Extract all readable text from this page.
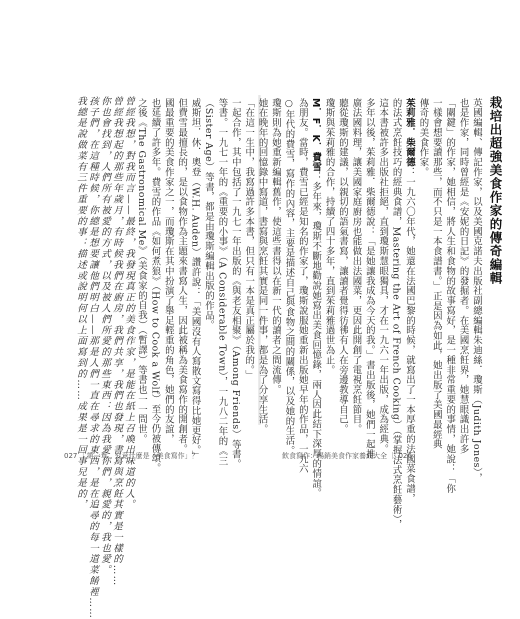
我總是說做菜有三件重要的事：描述或說明何以上面寫到的……成果是一回事兒是的， 孩子們，在這種時候，你總是想要讓他們明白——那是人們一直在尋求的東西，是在追尋的每一道菜餚裡…… 你也會找到，人們所有被愛的方式，以及被人們所愛的那些東西：因為我愛你們，親愛的，我也愛。 曾經我想起的那些年歲月，有時候我們在廚房，我們共享，我們也發現，書寫與烹飪其實是一樣的…… 曾經我想，對我而言——最終，我發現真正的美食作家，是能在紙上召喚出味道的人。
027 ｜第一章　究竟什麼是「美食寫作」？	飲食寫作：暢銷美食作家養成大全 ｜ 026	英國編輯、傳記作家，以及美國克諾夫出版社副總編輯朱迪絲．瓊斯（Judith Jones），
也是作家，同時曾經是《安妮的日記》的發掘者。在美國烹飪界，她慧眼識出許多
「關鍵」的作家，她相信，將人生和食物的故事寫好，是一種非常重要的事情，她說：「你
一樣會想要讀那些，而不只是一本食譜書。」正是因為如此，她出版了美國最經典
傳奇的美食作家。
茱莉雅．柴爾德：一九六〇年代，她還在法國巴黎的時候，就寫出了一本厚重的法國菜食譜，
的法式烹飪技巧的經典食譜，Mastering the Art of French Cooking）（掌握法式烹飪藝術），
這本書被許多出版社拒絕，直到瓊斯慧眼獨具，才在一九六一年出版，成為經典。
多年以後，茱莉雅．柴爾德說：「是她讓我成為今天的我。」書出版後，她們一起推
廣法國料理，讓美國家庭廚房也能做出法國菜，更因此開創了電視烹飪節目。
聽從瓊斯的建議，以親切的語氣書寫，讓讀者覺得彷彿有人在旁邊教導自己。
瓊斯與茱莉雅的合作，持續了四十多年，直到茱莉雅過世為止。
M．F．K．費雪：多年來，瓊斯不斷地勸說她寫出美食回憶錄，兩人因此結下深厚的情誼。
為朋友。當時，費雪已經是知名的作家了，瓊斯說服她重新出版她早年的作品，一九六
○年代的費雪，寫作的內容，主要是描述自己與食物之間的關係，以及她的生活。
瓊斯則為她重新編輯舊作，使這些書得以在新一代的讀者之間流傳。
她在晚年的回憶錄中寫道，書寫與烹飪其實是同一件事，都是為了分享生活。
「在這一生中，我寫過許多本書，但只有一本是真正屬於我的。」
一起合作，其中包括了一九七一年出版的《與老友相聚》（Among Friends）等書。
等書。一九七一年的《重要的小事》（A Considerable Town），一九八二年的《三
（Sister Age）等書，都是由瓊斯編輯出版的作品。
威斯坦．休．奧登（W.H. Auden）讚許說：「美國沒有人寫散文寫得比她更好。」
但費雪最擅長的，是以食物作為主題來書寫人生，因此被稱為美食寫作的開創者。
國最重要的美食作家之一，而瓊斯在其中扮演了舉足輕重的角色，她們的友誼，
也延續了許多年。費雪的作品《如何煮狼》（How to Cook a Wolf）至今仍被傳頌。
之後《The Gastronomical Me》（美食家的自我）（暫譯）等書也一一問世。	栽培出超強美食作家的傳奇編輯
